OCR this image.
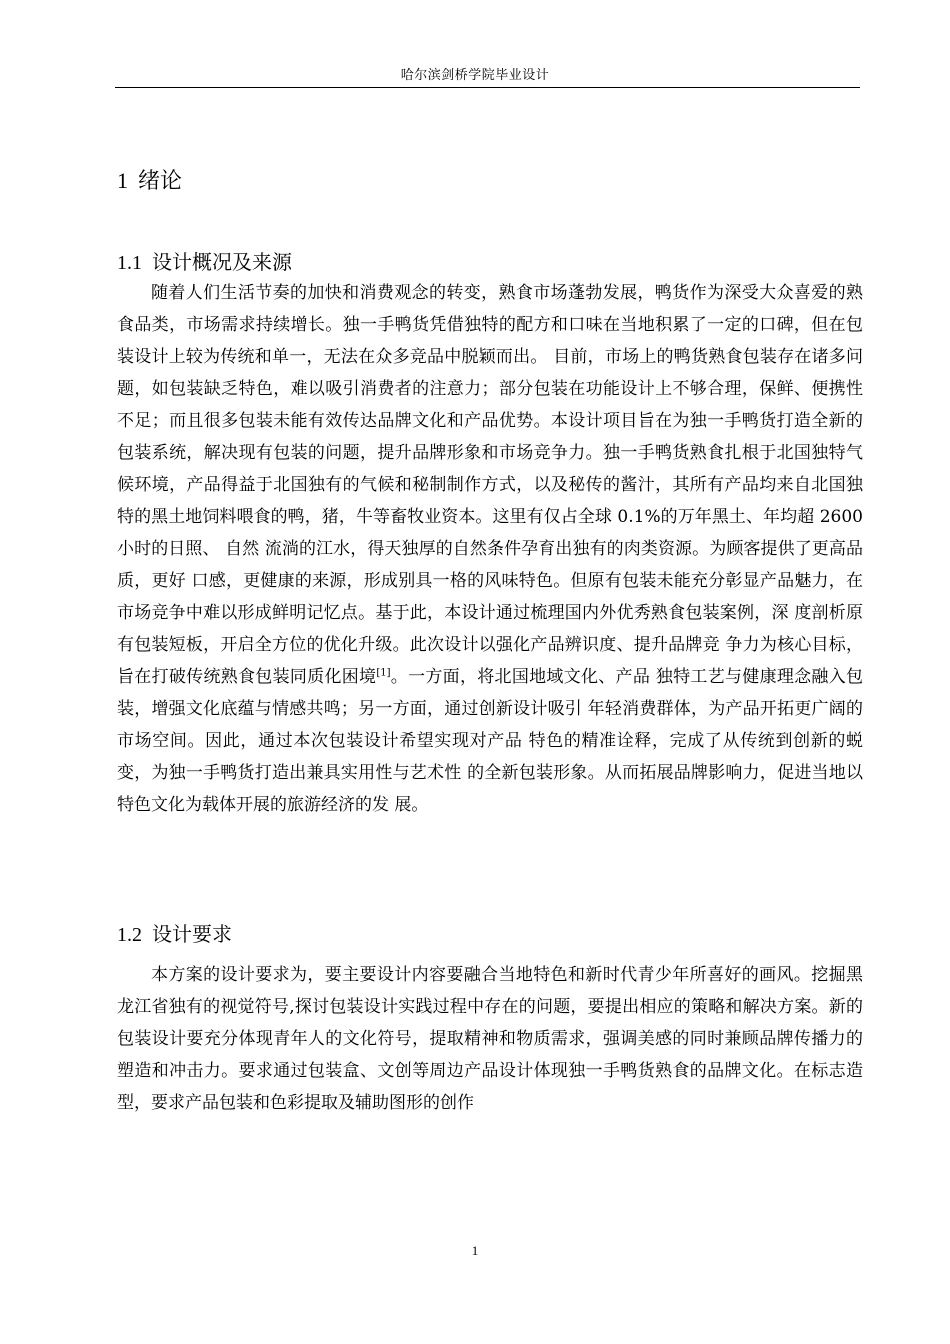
哈尔滨剑桥学院毕业设计
1 绪论
1.1 设计概况及来源

随着人们生活节奏的加快和消费观念的转变，熟食市场蓬勃发展，鸭货作为深受大众喜爱的熟食品类，市场需求持续增长。独一手鸭货凭借独特的配方和口味在当地积累了一定的口碑，但在包装设计上较为传统和单一，无法在众多竞品中脱颖而出。 目前，市场上的鸭货熟食包装存在诸多问题，如包装缺乏特色，难以吸引消费者的注意力；部分包装在功能设计上不够合理，保鲜、便携性不足；而且很多包装未能有效传达品牌文化和产品优势。本设计项目旨在为独一手鸭货打造全新的包装系统，解决现有包装的问题，提升品牌形象和市场竞争力。独一手鸭货熟食扎根于北国独特气候环境，产品得益于北国独有的气候和秘制制作方式，以及秘传的酱汁，其所有产品均来自北国独特的黑土地饲料喂食的鸭，猪，牛等畜牧业资本。这里有仅占全球 0.1%的万年黑土、年均超 2600 小时的日照、 自然 流淌的江水，得天独厚的自然条件孕育出独有的肉类资源。为顾客提供了更高品质，更好 口感，更健康的来源，形成别具一格的风味特色。但原有包装未能充分彰显产品魅力，在 市场竞争中难以形成鲜明记忆点。基于此，本设计通过梳理国内外优秀熟食包装案例，深 度剖析原有包装短板，开启全方位的优化升级。此次设计以强化产品辨识度、提升品牌竞 争力为核心目标，旨在打破传统熟食包装同质化困境[1]。一方面，将北国地域文化、产品 独特工艺与健康理念融入包装，增强文化底蕴与情感共鸣；另一方面，通过创新设计吸引 年轻消费群体，为产品开拓更广阔的市场空间。因此，通过本次包装设计希望实现对产品 特色的精准诠释，完成了从传统到创新的蜕变，为独一手鸭货打造出兼具实用性与艺术性 的全新包装形象。从而拓展品牌影响力，促进当地以特色文化为载体开展的旅游经济的发 展。

1.2 设计要求

本方案的设计要求为，要主要设计内容要融合当地特色和新时代青少年所喜好的画风。挖掘黑龙江省独有的视觉符号,探讨包装设计实践过程中存在的问题，要提出相应的策略和解决方案。新的包装设计要充分体现青年人的文化符号，提取精神和物质需求，强调美感的同时兼顾品牌传播力的塑造和冲击力。要求通过包装盒、文创等周边产品设计体现独一手鸭货熟食的品牌文化。在标志造型，要求产品包装和色彩提取及辅助图形的创作

1
